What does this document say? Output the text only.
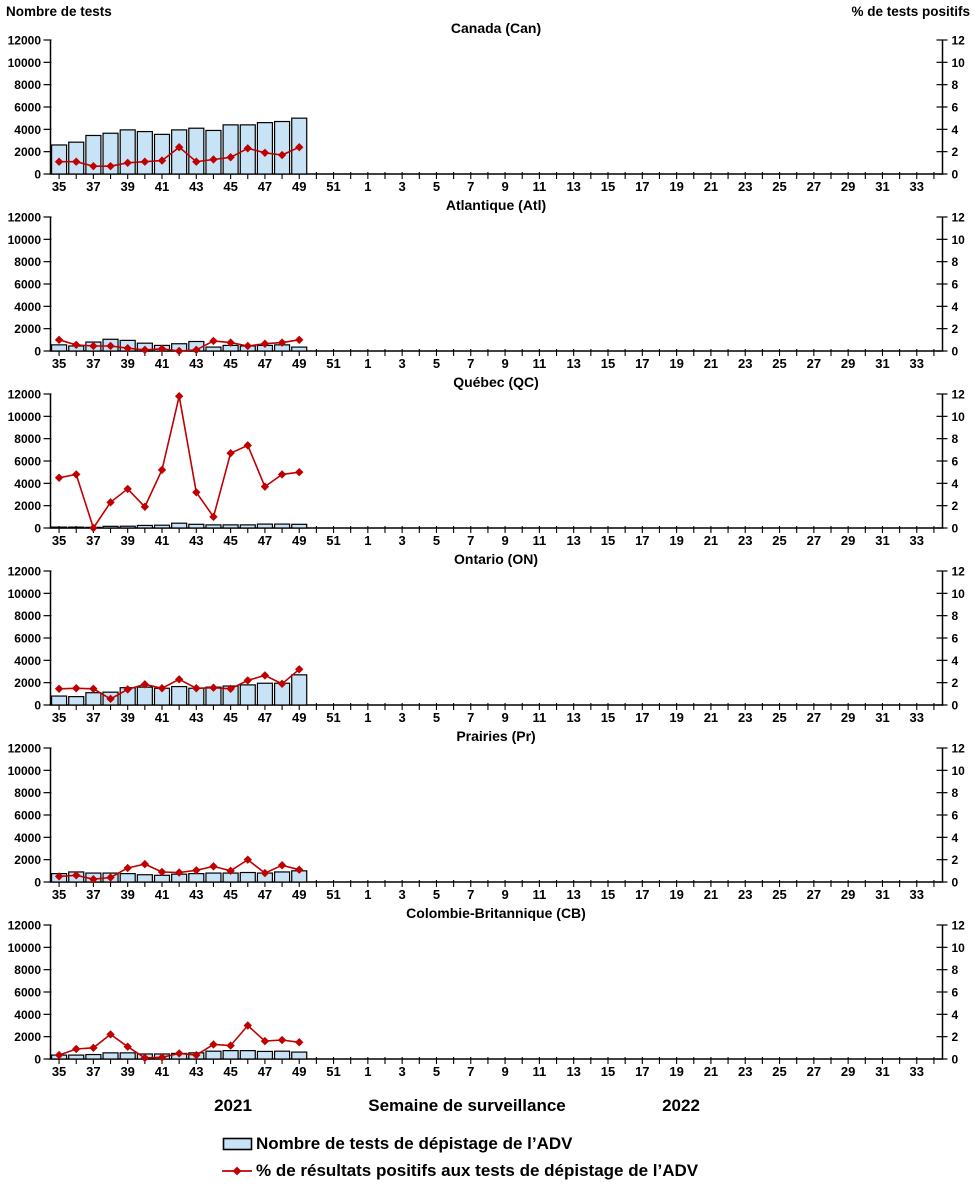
Nombre de tests	% de tests positifs
Canada (Can)
0	0
2000	2
4000	4
6000	6
8000	8
10000	10
12000	12
35 37 39 41 43 45 47 49 51 1 3 5 7 9 11 13 15 17 19 21 23 25 27 29 31 33
Atlantique (Atl)
0	0
2000	2
4000	4
6000	6
8000	8
10000	10
12000	12
35 37 39 41 43 45 47 49 51 1 3 5 7 9 11 13 15 17 19 21 23 25 27 29 31 33
Québec (QC)
0	0
2000	2
4000	4
6000	6
8000	8
10000	10
12000	12
35 37 39 41 43 45 47 49 51 1 3 5 7 9 11 13 15 17 19 21 23 25 27 29 31 33
Ontario (ON)
0	0
2000	2
4000	4
6000	6
8000	8
10000	10
12000	12
35 37 39 41 43 45 47 49 51 1 3 5 7 9 11 13 15 17 19 21 23 25 27 29 31 33
Prairies (Pr)
0	0
2000	2
4000	4
6000	6
8000	8
10000	10
12000	12
35 37 39 41 43 45 47 49 51 1 3 5 7 9 11 13 15 17 19 21 23 25 27 29 31 33
Colombie-Britannique (CB)
0	0
2000	2
4000	4
6000	6
8000	8
10000	10
12000	12
35 37 39 41 43 45 47 49 51 1 3 5 7 9 11 13 15 17 19 21 23 25 27 29 31 33
2021	Semaine de surveillance	2022
Nombre de tests de dépistage de l’ADV
% de résultats positifs aux tests de dépistage de l’ADV
